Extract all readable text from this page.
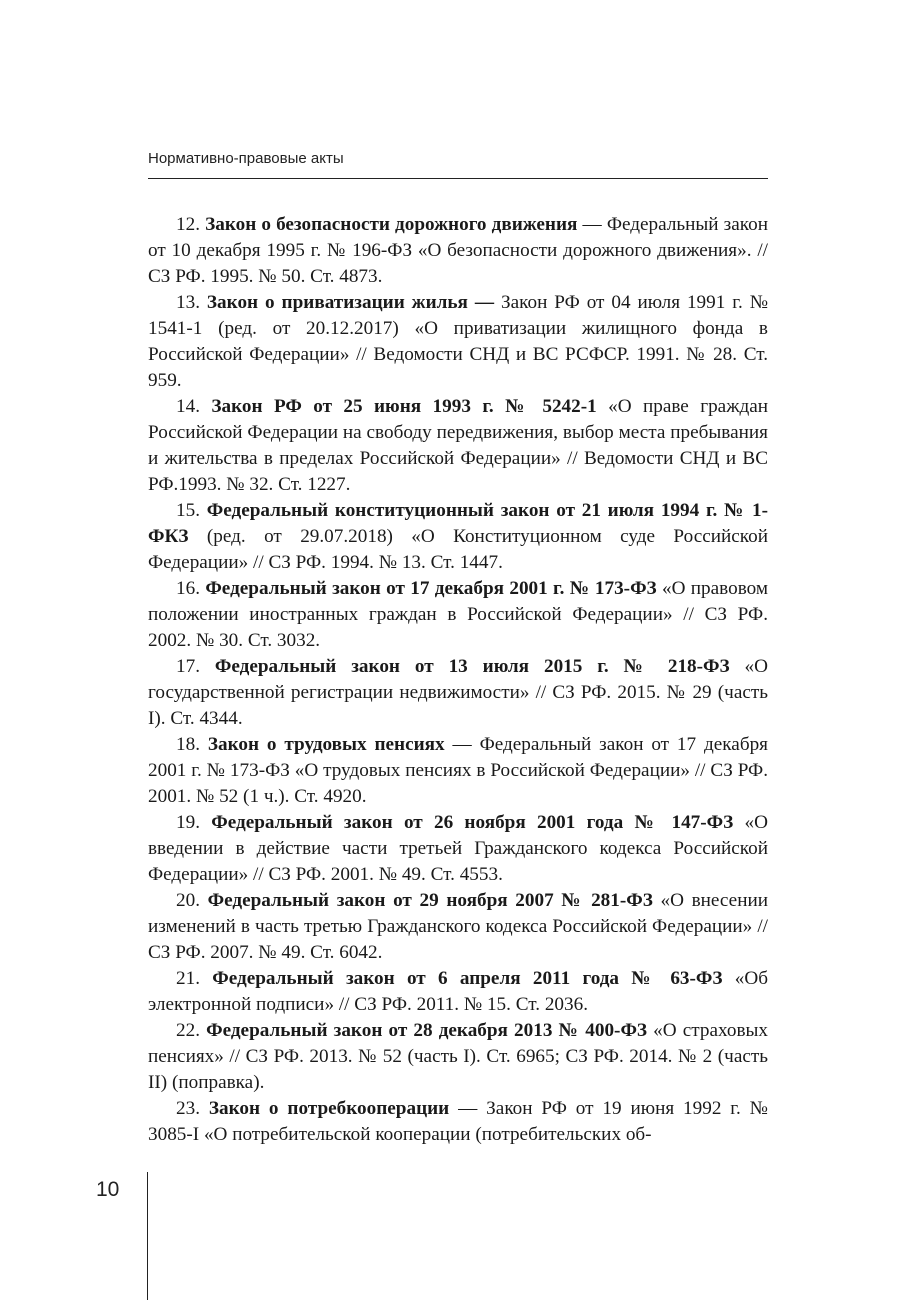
Нормативно-правовые акты

12. Закон о безопасности дорожного движения — Федеральный закон от 10 декабря 1995 г. № 196-ФЗ «О безопасности дорожного движения». // СЗ РФ. 1995. № 50. Ст. 4873.

13. Закон о приватизации жилья — Закон РФ от 04 июля 1991 г. № 1541-1 (ред. от 20.12.2017) «О приватизации жилищного фонда в Российской Федерации» // Ведомости СНД и ВС РСФСР. 1991. № 28. Ст. 959.

14. Закон РФ от 25 июня 1993 г. № 5242-1 «О праве граждан Российской Федерации на свободу передвижения, выбор места пребывания и жительства в пределах Российской Федерации» // Ведомости СНД и ВС РФ.1993. № 32. Ст. 1227.

15. Федеральный конституционный закон от 21 июля 1994 г. № 1-ФКЗ (ред. от 29.07.2018) «О Конституционном суде Российской Федерации» // СЗ РФ. 1994. № 13. Ст. 1447.

16. Федеральный закон от 17 декабря 2001 г. № 173-ФЗ «О правовом положении иностранных граждан в Российской Федерации» // СЗ РФ. 2002. № 30. Ст. 3032.

17. Федеральный закон от 13 июля 2015 г. № 218-ФЗ «О государственной регистрации недвижимости» // СЗ РФ. 2015. № 29 (часть I). Ст. 4344.

18. Закон о трудовых пенсиях — Федеральный закон от 17 декабря 2001 г. № 173-ФЗ «О трудовых пенсиях в Российской Федерации» // СЗ РФ. 2001. № 52 (1 ч.). Ст. 4920.

19. Федеральный закон от 26 ноября 2001 года № 147-ФЗ «О введении в действие части третьей Гражданского кодекса Российской Федерации» // СЗ РФ. 2001. № 49. Ст. 4553.

20. Федеральный закон от 29 ноября 2007 № 281-ФЗ «О внесении изменений в часть третью Гражданского кодекса Российской Федерации» // СЗ РФ. 2007. № 49. Ст. 6042.

21. Федеральный закон от 6 апреля 2011 года № 63-ФЗ «Об электронной подписи» // СЗ РФ. 2011. № 15. Ст. 2036.

22. Федеральный закон от 28 декабря 2013 № 400-ФЗ «О страховых пенсиях» // СЗ РФ. 2013. № 52 (часть I). Ст. 6965; СЗ РФ. 2014. № 2 (часть II) (поправка).

23. Закон о потребкооперации — Закон РФ от 19 июня 1992 г. № 3085-I «О потребительской кооперации (потребительских об-

10
